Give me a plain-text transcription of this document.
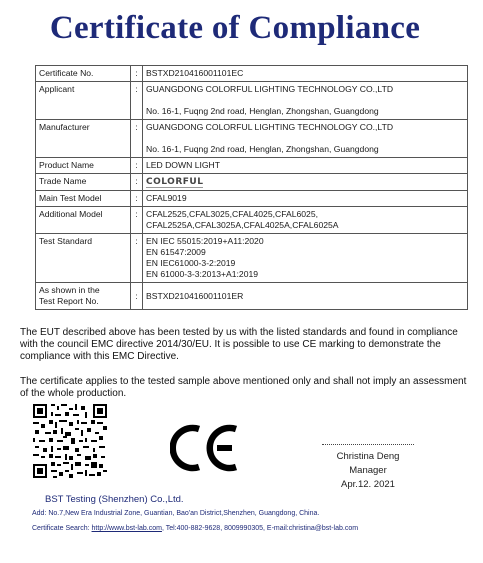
Certificate of Compliance
Certificate No.	:	BSTXD210416001101EC
Applicant	:	GUANGDONG COLORFUL LIGHTING TECHNOLOGY CO.,LTD
No. 16-1, Fuqng 2nd road, Henglan, Zhongshan, Guangdong

Manufacturer	:	GUANGDONG COLORFUL LIGHTING TECHNOLOGY CO.,LTD
No. 16-1, Fuqng 2nd road, Henglan, Zhongshan, Guangdong

Product Name	:	LED DOWN LIGHT
Trade Name	:	COLORFUL
Main Test Model	:	CFAL9019
Additional Model	:	CFAL2525,CFAL3025,CFAL4025,CFAL6025,
CFAL2525A,CFAL3025A,CFAL4025A,CFAL6025A

Test Standard	:	EN IEC 55015:2019+A11:2020
EN 61547:2009
EN IEC61000-3-2:2019
EN 61000-3-3:2013+A1:2019

As shown in the
Test Report No.	:	BSTXD210416001101ER
The EUT described above has been tested by us with the listed standards and found in compliance with the council EMC directive 2014/30/EU. It is possible to use CE marking to demonstrate the compliance with this EMC Directive.
The certificate applies to the tested sample above mentioned only and shall not imply an assessment of the whole production.
Christina Deng
Manager
Apr.12. 2021
BST Testing (Shenzhen) Co.,Ltd.
Add: No.7,New Era Industrial Zone, Guantian, Bao'an District,Shenzhen, Guangdong, China.
Certificate Search: http://www.bst-lab.com, Tel:400-882-9628, 8009990305, E-mail:christina@bst-lab.com
